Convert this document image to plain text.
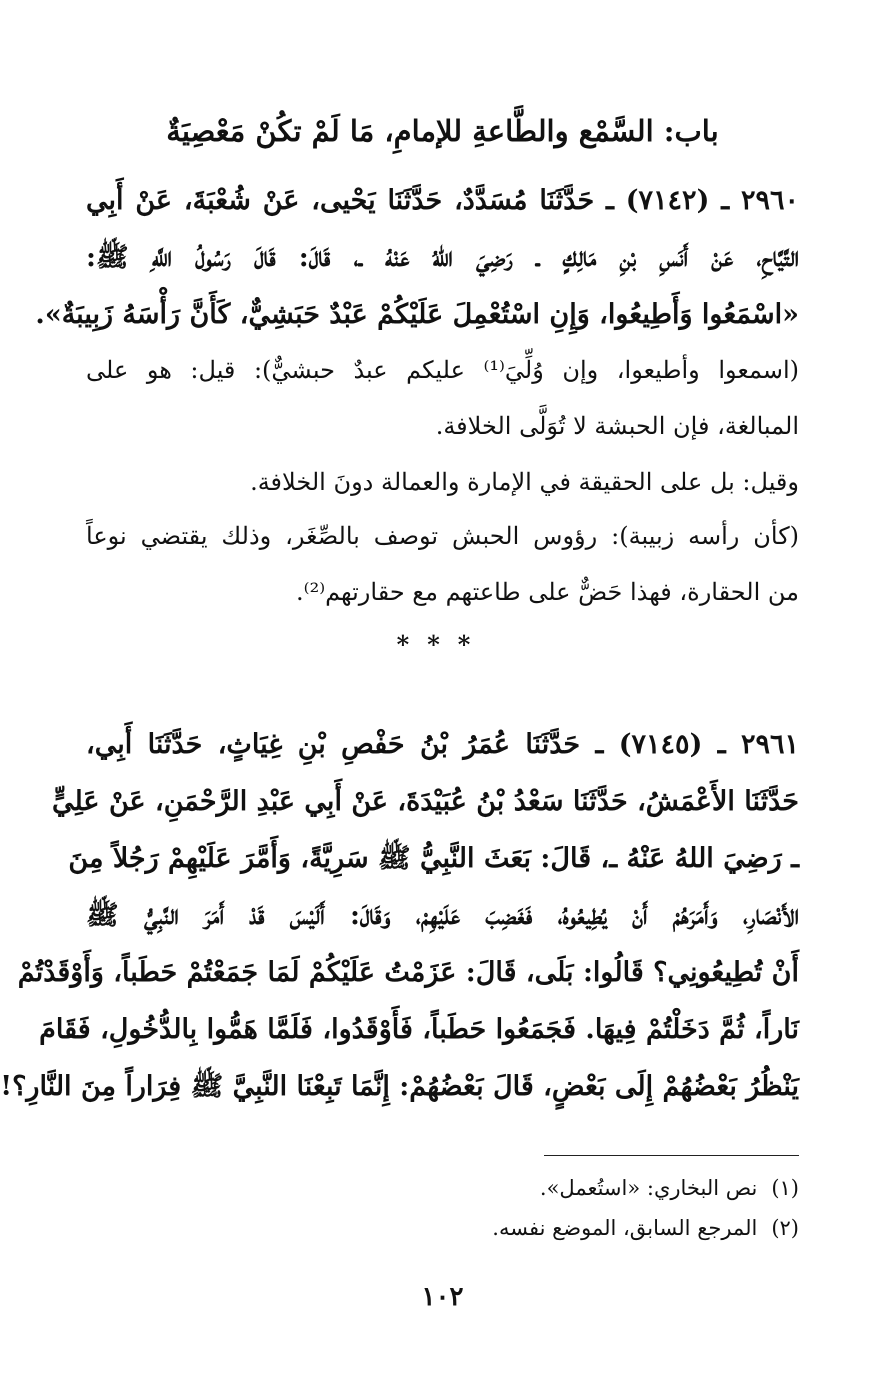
باب: السَّمْع والطَّاعةِ للإمامِ، مَا لَمْ تكُنْ مَعْصِيَةٌ
٢٩٦٠ ـ (٧١٤٢) ـ حَدَّثَنَا مُسَدَّدٌ، حَدَّثَنَا يَحْيى، عَنْ شُعْبَةَ، عَنْ أَبِي
التَّيَّاحِ، عَنْ أَنَسِ بْنِ مَالِكٍ ـ رَضِيَ اللهُ عَنْهُ ـ، قَالَ: قَالَ رَسُولُ اللَّهِ ﷺ:
«اسْمَعُوا وَأَطِيعُوا، وَإِنِ اسْتُعْمِلَ عَلَيْكُمْ عَبْدٌ حَبَشِيٌّ، كَأَنَّ رَأْسَهُ زَبِيبَةٌ».
(اسمعوا وأطيعوا، وإن وُلِّيَ⁽¹⁾ عليكم عبدٌ حبشيٌّ): قيل: هو على
المبالغة، فإن الحبشة لا تُوَلَّى الخلافة.
وقيل: بل على الحقيقة في الإمارة والعمالة دونَ الخلافة.
(كأن رأسه زبيبة): رؤوس الحبش توصف بالصِّغَر، وذلك يقتضي نوعاً
من الحقارة، فهذا حَضٌّ على طاعتهم مع حقارتهم⁽²⁾.
***
٢٩٦١ ـ (٧١٤٥) ـ حَدَّثَنَا عُمَرُ بْنُ حَفْصِ بْنِ غِيَاثٍ، حَدَّثَنَا أَبِي،
حَدَّثَنَا الأَعْمَشُ، حَدَّثَنَا سَعْدُ بْنُ عُبَيْدَةَ، عَنْ أَبِي عَبْدِ الرَّحْمَنِ، عَنْ عَلِيٍّ
ـ رَضِيَ اللهُ عَنْهُ ـ، قَالَ: بَعَثَ النَّبِيُّ ﷺ سَرِيَّةً، وَأَمَّرَ عَلَيْهِمْ رَجُلاً مِنَ
الأَنْصَارِ، وَأَمَرَهُمْ أَنْ يُطِيعُوهُ، فَغَضِبَ عَلَيْهِمْ، وَقَالَ: أَلَيْسَ قَدْ أَمَرَ النَّبِيُّ ﷺ
أَنْ تُطِيعُونِي؟ قَالُوا: بَلَى، قَالَ: عَزَمْتُ عَلَيْكُمْ لَمَا جَمَعْتُمْ حَطَباً، وَأَوْقَدْتُمْ
نَاراً، ثُمَّ دَخَلْتُمْ فِيهَا. فَجَمَعُوا حَطَباً، فَأَوْقَدُوا، فَلَمَّا هَمُّوا بِالدُّخُولِ، فَقَامَ
يَنْظُرُ بَعْضُهُمْ إِلَى بَعْضٍ، قَالَ بَعْضُهُمْ: إِنَّمَا تَبِعْنَا النَّبِيَّ ﷺ فِرَاراً مِنَ النَّارِ؟!
(١)نص البخاري: «استُعمل».
(٢)المرجع السابق، الموضع نفسه.
١٠٢
